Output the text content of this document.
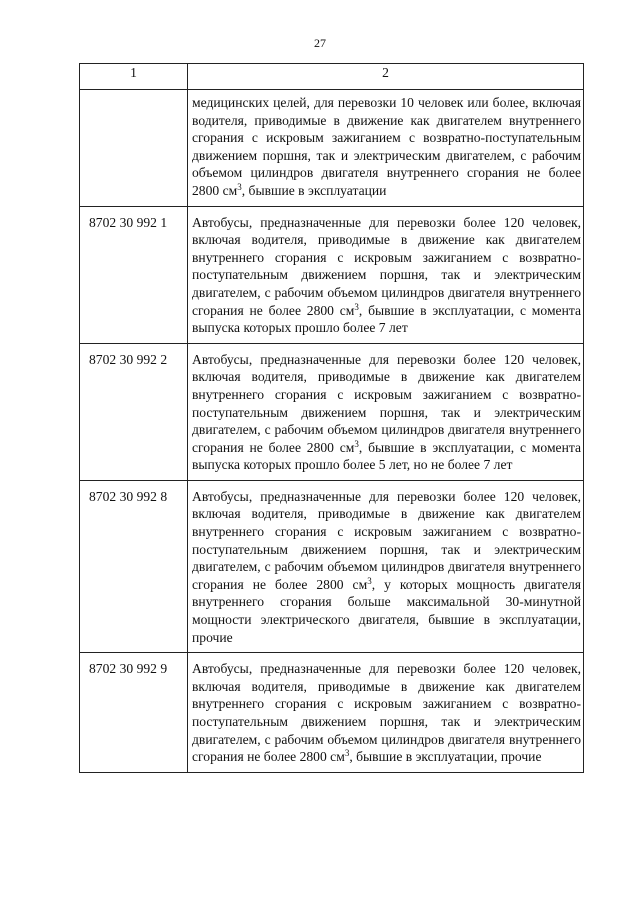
27
1	2
	медицинских целей, для перевозки 10 человек или более, включая водителя, приводимые в движение как двигателем внутреннего сгорания с искровым зажиганием с возвратно-поступательным движением поршня, так и электрическим двигателем, с рабочим объемом цилиндров двигателя внутреннего сгорания не более 2800 $см^3$, бывшие в эксплуатации
8702 30 992 1	Автобусы, предназначенные для перевозки более 120 человек, включая водителя, приводимые в движение как двигателем внутреннего сгорания с искровым зажиганием с возвратно-поступательным движением поршня, так и электрическим двигателем, с рабочим объемом цилиндров двигателя внутреннего сгорания не более 2800 $см^3$, бывшие в эксплуатации, с момента выпуска которых прошло более 7 лет
8702 30 992 2	Автобусы, предназначенные для перевозки более 120 человек, включая водителя, приводимые в движение как двигателем внутреннего сгорания с искровым зажиганием с возвратно-поступательным движением поршня, так и электрическим двигателем, с рабочим объемом цилиндров двигателя внутреннего сгорания не более 2800 $см^3$, бывшие в эксплуатации, с момента выпуска которых прошло более 5 лет, но не более 7 лет
8702 30 992 8	Автобусы, предназначенные для перевозки более 120 человек, включая водителя, приводимые в движение как двигателем внутреннего сгорания с искровым зажиганием с возвратно-поступательным движением поршня, так и электрическим двигателем, с рабочим объемом цилиндров двигателя внутреннего сгорания не более 2800 $см^3$, у которых мощность двигателя внутреннего сгорания больше максимальной 30-минутной мощности электрического двигателя, бывшие в эксплуатации, прочие
8702 30 992 9	Автобусы, предназначенные для перевозки более 120 человек, включая водителя, приводимые в движение как двигателем внутреннего сгорания с искровым зажиганием с возвратно-поступательным движением поршня, так и электрическим двигателем, с рабочим объемом цилиндров двигателя внутреннего сгорания не более 2800 $см^3$, бывшие в эксплуатации, прочие
